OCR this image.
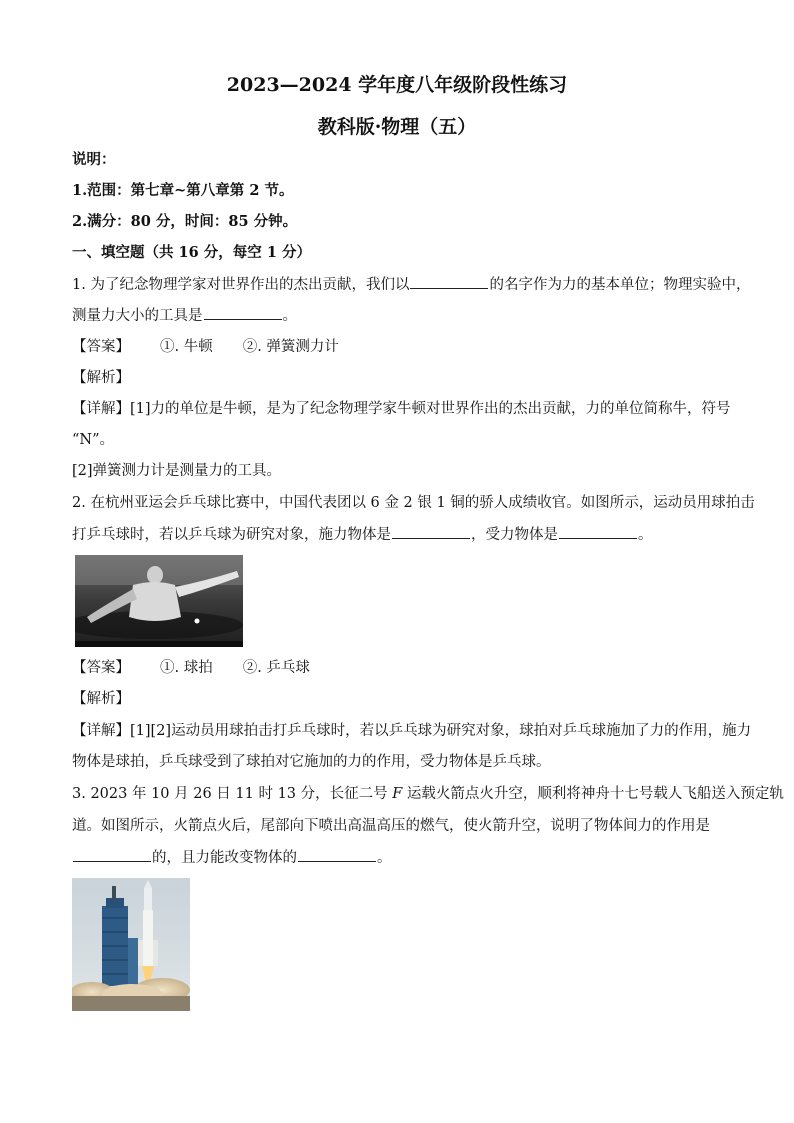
2023—2024 学年度八年级阶段性练习
教科版·物理（五）
说明：
1.范围：第七章~第八章第 2 节。
2.满分：80 分，时间：85 分钟。
一、填空题（共 16 分，每空 1 分）
1. 为了纪念物理学家对世界作出的杰出贡献，我们以	的名字作为力的基本单位；物理实验中，
测量力大小的工具是	。
【答案】 ①. 牛顿 ②. 弹簧测力计
【解析】
【详解】[1]力的单位是牛顿，是为了纪念物理学家牛顿对世界作出的杰出贡献，力的单位简称牛，符号
“N”。
[2]弹簧测力计是测量力的工具。
2. 在杭州亚运会乒乓球比赛中，中国代表团以 6 金 2 银 1 铜的骄人成绩收官。如图所示，运动员用球拍击
打乒乓球时，若以乒乓球为研究对象，施力物体是	，受力物体是	。
【答案】 ①. 球拍 ②. 乒乓球
【解析】
【详解】[1][2]运动员用球拍击打乒乓球时，若以乒乓球为研究对象，球拍对乒乓球施加了力的作用，施力
物体是球拍，乒乓球受到了球拍对它施加的力的作用，受力物体是乒乓球。
3. 2023 年 10 月 26 日 11 时 13 分，长征二号 F 运载火箭点火升空，顺利将神舟十七号载人飞船送入预定轨
道。如图所示，火箭点火后，尾部向下喷出高温高压的燃气，使火箭升空，说明了物体间力的作用是
的，且力能改变物体的	。
